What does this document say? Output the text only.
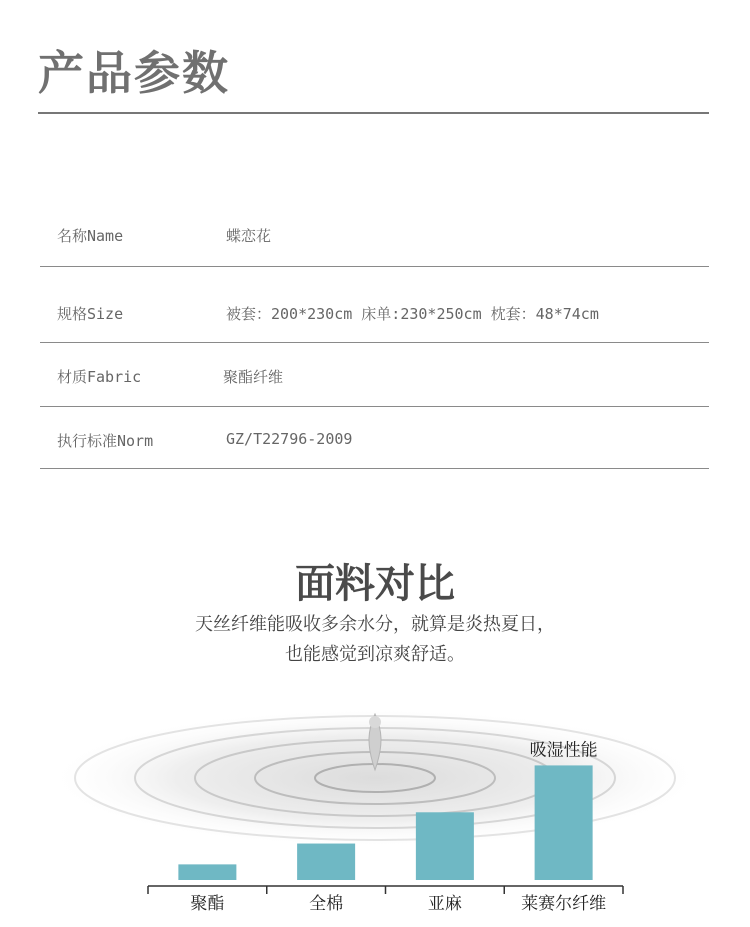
产品参数
名称Name	蝶恋花
规格Size	被套：200*230cm 床单:230*250cm 枕套：48*74cm
材质Fabric	聚酯纤维
执行标准Norm	GZ/T22796-2009
面料对比
天丝纤维能吸收多余水分，就算是炎热夏日，
也能感觉到凉爽舒适。
聚酯	全棉	亚麻	莱赛尔纤维
吸湿性能
